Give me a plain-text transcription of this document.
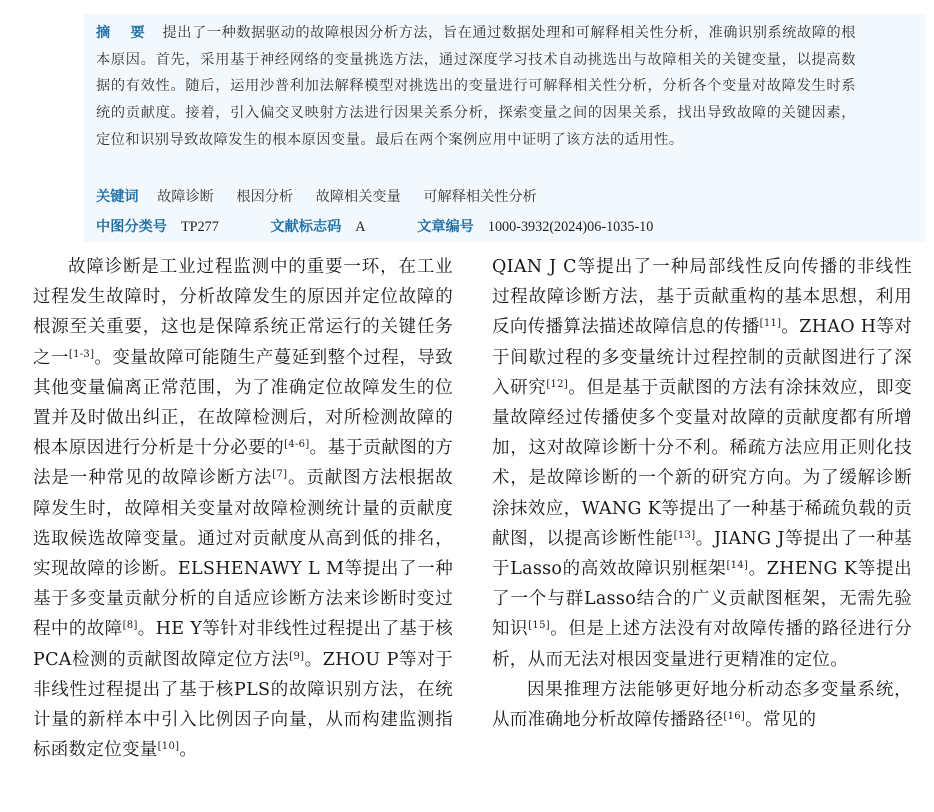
摘　要　 提出了一种数据驱动的故障根因分析方法，旨在通过数据处理和可解释相关性分析，准确识别系统故障的根本原因。首先，采用基于神经网络的变量挑选方法，通过深度学习技术自动挑选出与故障相关的关键变量，以提高数据的有效性。随后，运用沙普利加法解释模型对挑选出的变量进行可解释相关性分析，分析各个变量对故障发生时系统的贡献度。接着，引入偏交叉映射方法进行因果关系分析，探索变量之间的因果关系，找出导致故障的关键因素，定位和识别导致故障发生的根本原因变量。最后在两个案例应用中证明了该方法的适用性。

关键词 故障诊断 根因分析 故障相关变量 可解释相关性分析
中图分类号 TP277	文献标志码 A	文章编号 1000-3932(2024)06-1035-10

故障诊断是工业过程监测中的重要一环，在工业过程发生故障时，分析故障发生的原因并定位故障的根源至关重要，这也是保障系统正常运行的关键任务之一[1-3]。变量故障可能随生产蔓延到整个过程，导致其他变量偏离正常范围，为了准确定位故障发生的位置并及时做出纠正，在故障检测后，对所检测故障的根本原因进行分析是十分必要的[4-6]。基于贡献图的方法是一种常见的故障诊断方法[7]。贡献图方法根据故障发生时，故障相关变量对故障检测统计量的贡献度选取候选故障变量。通过对贡献度从高到低的排名，实现故障的诊断。ELSHENAWY L M等提出了一种基于多变量贡献分析的自适应诊断方法来诊断时变过程中的故障[8]。HE Y等针对非线性过程提出了基于核PCA检测的贡献图故障定位方法[9]。ZHOU P等对于非线性过程提出了基于核PLS的故障识别方法，在统计量的新样本中引入比例因子向量，从而构建监测指标函数定位变量[10]。

QIAN J C等提出了一种局部线性反向传播的非线性过程故障诊断方法，基于贡献重构的基本思想，利用反向传播算法描述故障信息的传播[11]。ZHAO H等对于间歇过程的多变量统计过程控制的贡献图进行了深入研究[12]。但是基于贡献图的方法有涂抹效应，即变量故障经过传播使多个变量对故障的贡献度都有所增加，这对故障诊断十分不利。稀疏方法应用正则化技术，是故障诊断的一个新的研究方向。为了缓解诊断涂抹效应，WANG K等提出了一种基于稀疏负载的贡献图，以提高诊断性能[13]。JIANG J等提出了一种基于Lasso的高效故障识别框架[14]。ZHENG K等提出了一个与群Lasso结合的广义贡献图框架，无需先验知识[15]。但是上述方法没有对故障传播的路径进行分析，从而无法对根因变量进行更精准的定位。

因果推理方法能够更好地分析动态多变量系统，从而准确地分析故障传播路径[16]。常见的
